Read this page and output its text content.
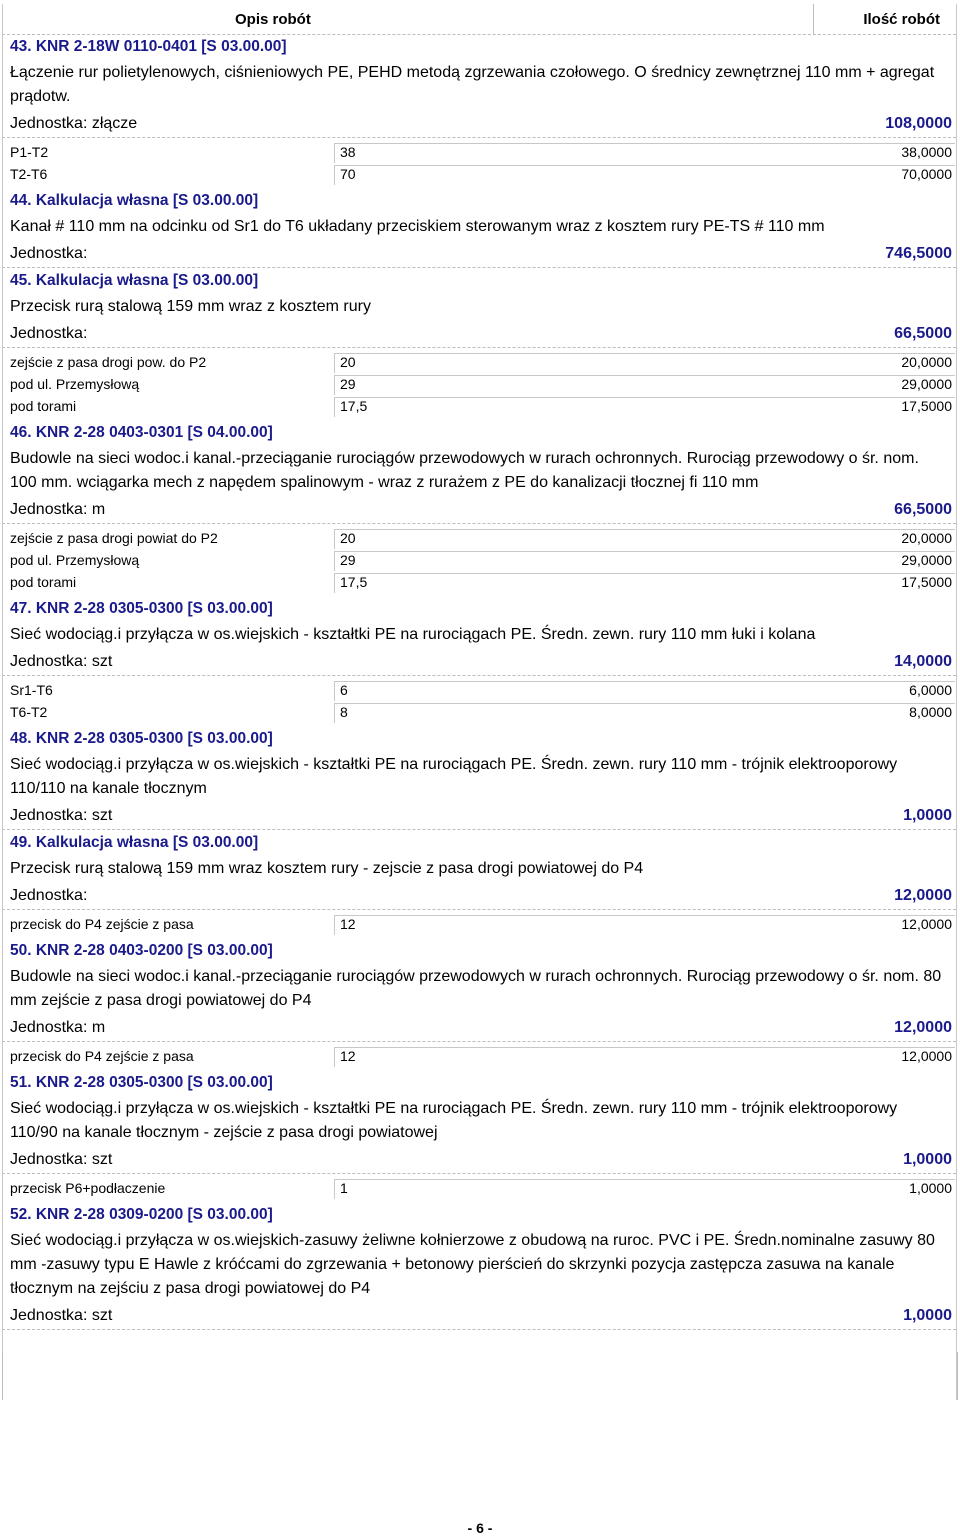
Opis robót	Ilość robót
43. KNR 2-18W 0110-0401 [S 03.00.00]
Łączenie rur polietylenowych, ciśnieniowych PE, PEHD metodą zgrzewania czołowego. O średnicy zewnętrznej 110 mm + agregat prądotw.
Jednostka: złącze	108,0000
P1-T2	38	38,0000
T2-T6	70	70,0000
44. Kalkulacja własna [S 03.00.00]
Kanał # 110 mm na odcinku od Sr1 do T6 układany przeciskiem sterowanym wraz z kosztem rury PE-TS # 110 mm
Jednostka:	746,5000
45. Kalkulacja własna [S 03.00.00]
Przecisk rurą stalową 159 mm wraz z kosztem rury
Jednostka:	66,5000
zejście z pasa drogi pow. do P2	20	20,0000
pod ul. Przemysłową	29	29,0000
pod torami	17,5	17,5000
46. KNR 2-28 0403-0301 [S 04.00.00]
Budowle na sieci wodoc.i kanal.-przeciąganie rurociągów przewodowych w rurach ochronnych. Rurociąg przewodowy o śr. nom. 100 mm. wciągarka mech z napędem spalinowym - wraz z rurażem z PE do kanalizacji tłocznej fi 110 mm
Jednostka: m	66,5000
zejście z pasa drogi powiat do P2	20	20,0000
pod ul. Przemysłową	29	29,0000
pod torami	17,5	17,5000
47. KNR 2-28 0305-0300 [S 03.00.00]
Sieć wodociąg.i przyłącza w os.wiejskich - kształtki PE na rurociągach PE. Średn. zewn. rury 110 mm łuki i kolana
Jednostka: szt	14,0000
Sr1-T6	6	6,0000
T6-T2	8	8,0000
48. KNR 2-28 0305-0300 [S 03.00.00]
Sieć wodociąg.i przyłącza w os.wiejskich - kształtki PE na rurociągach PE. Średn. zewn. rury 110 mm - trójnik elektrooporowy 110/110 na kanale tłocznym
Jednostka: szt	1,0000
49. Kalkulacja własna [S 03.00.00]
Przecisk rurą stalową 159 mm wraz kosztem rury - zejscie z pasa drogi powiatowej do P4
Jednostka:	12,0000
przecisk do P4 zejście z pasa	12	12,0000
50. KNR 2-28 0403-0200 [S 03.00.00]
Budowle na sieci wodoc.i kanal.-przeciąganie rurociągów przewodowych w rurach ochronnych. Rurociąg przewodowy o śr. nom. 80 mm zejście z pasa drogi powiatowej do P4
Jednostka: m	12,0000
przecisk do P4 zejście z pasa	12	12,0000
51. KNR 2-28 0305-0300 [S 03.00.00]
Sieć wodociąg.i przyłącza w os.wiejskich - kształtki PE na rurociągach PE. Średn. zewn. rury 110 mm - trójnik elektrooporowy 110/90 na kanale tłocznym - zejście z pasa drogi powiatowej
Jednostka: szt	1,0000
przecisk P6+podłaczenie	1	1,0000
52. KNR 2-28 0309-0200 [S 03.00.00]
Sieć wodociąg.i przyłącza w os.wiejskich-zasuwy żeliwne kołnierzowe z obudową na ruroc. PVC i PE. Średn.nominalne zasuwy 80 mm -zasuwy typu E Hawle z króćcami do zgrzewania + betonowy pierścień do skrzynki pozycja zastępcza zasuwa na kanale tłocznym na zejściu z pasa drogi powiatowej do P4
Jednostka: szt	1,0000
- 6 -
